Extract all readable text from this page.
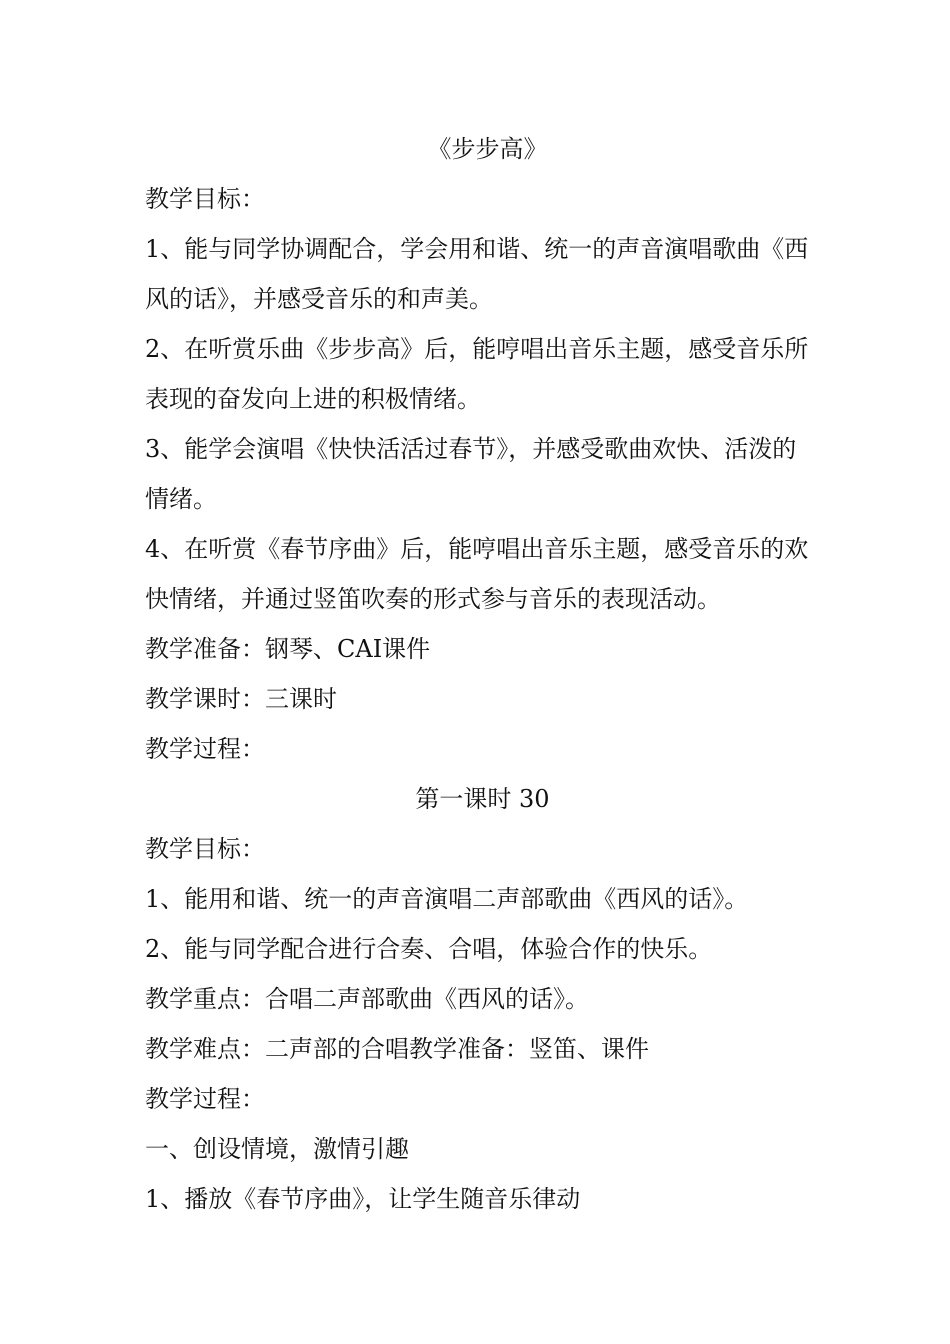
《步步高》
教学目标：
1、能与同学协调配合，学会用和谐、统一的声音演唱歌曲《西
风的话》，并感受音乐的和声美。
2、在听赏乐曲《步步高》后，能哼唱出音乐主题，感受音乐所
表现的奋发向上进的积极情绪。
3、能学会演唱《快快活活过春节》，并感受歌曲欢快、活泼的
情绪。
4、在听赏《春节序曲》后，能哼唱出音乐主题，感受音乐的欢
快情绪，并通过竖笛吹奏的形式参与音乐的表现活动。
教学准备：钢琴、CAI课件
教学课时：三课时
教学过程：
第一课时 30
教学目标：
1、能用和谐、统一的声音演唱二声部歌曲《西风的话》。
2、能与同学配合进行合奏、合唱，体验合作的快乐。
教学重点：合唱二声部歌曲《西风的话》。
教学难点：二声部的合唱教学准备：竖笛、课件
教学过程：
一、创设情境，激情引趣
1、播放《春节序曲》，让学生随音乐律动
